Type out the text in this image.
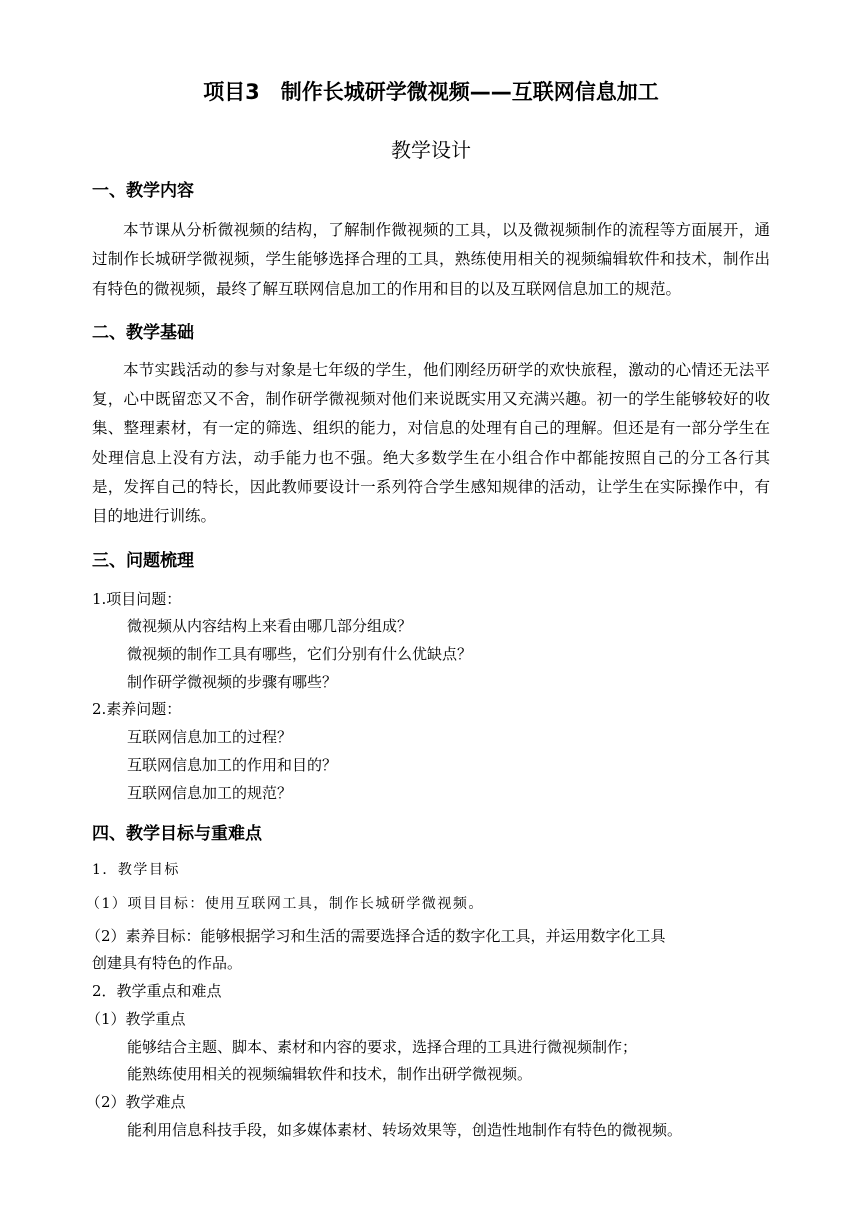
项目3　制作长城研学微视频——互联网信息加工
教学设计
一、教学内容

本节课从分析微视频的结构，了解制作微视频的工具，以及微视频制作的流程等方面展开，通过制作长城研学微视频，学生能够选择合理的工具，熟练使用相关的视频编辑软件和技术，制作出有特色的微视频，最终了解互联网信息加工的作用和目的以及互联网信息加工的规范。

二、教学基础

本节实践活动的参与对象是七年级的学生，他们刚经历研学的欢快旅程，激动的心情还无法平复，心中既留恋又不舍，制作研学微视频对他们来说既实用又充满兴趣。初一的学生能够较好的收集、整理素材，有一定的筛选、组织的能力，对信息的处理有自己的理解。但还是有一部分学生在处理信息上没有方法，动手能力也不强。绝大多数学生在小组合作中都能按照自己的分工各行其是，发挥自己的特长，因此教师要设计一系列符合学生感知规律的活动，让学生在实际操作中，有目的地进行训练。

三、问题梳理
1.项目问题：
微视频从内容结构上来看由哪几部分组成？
微视频的制作工具有哪些，它们分别有什么优缺点？
制作研学微视频的步骤有哪些？
2.素养问题：
互联网信息加工的过程？
互联网信息加工的作用和目的？
互联网信息加工的规范？
四、教学目标与重难点
1．教学目标
（1）项目目标：使用互联网工具，制作长城研学微视频。
（2）素养目标：能够根据学习和生活的需要选择合适的数字化工具，并运用数字化工具
创建具有特色的作品。
2．教学重点和难点
（1）教学重点
能够结合主题、脚本、素材和内容的要求，选择合理的工具进行微视频制作；
能熟练使用相关的视频编辑软件和技术，制作出研学微视频。
（2）教学难点
能利用信息科技手段，如多媒体素材、转场效果等，创造性地制作有特色的微视频。
